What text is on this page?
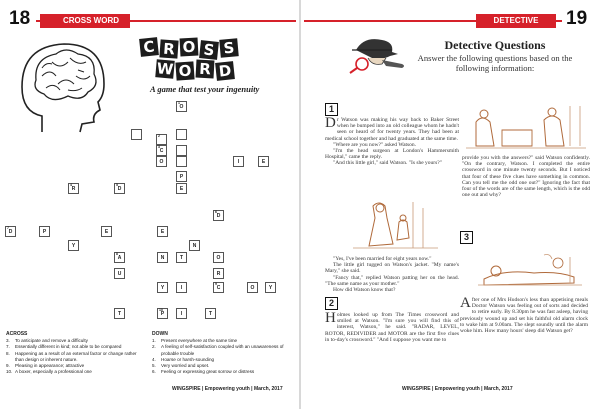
18	CROSS WORD
C R O S S
W O R D
A game that test your ingenuity
1
O
2
3
C
O	I	E
4
R
5
D
P
E
6
D
7
D	P
Y
E	E
N
8
A	N	T	O
U	R
Y	I
9
C	O	Y
T
10
P	I	T
ACROSS
3.	To anticipate and remove a difficulty
7.	Essentially different in kind; not able to be compared
8.	Happening as a result of an external factor or change rather than design or inherent nature.
9.	Pleasing in appearance; attractive
10. A boxer, especially a professional one
DOWN
1.	Present everywhere at the same time
2.	A feeling of self-satisfaction coupled with an unawareness of probable trouble
4.	Hoarse or harsh-sounding
5.	Very worried and upset.
6.	Feeling or expressing great sorrow or distress
WINGSPIRE | Empowering youth | March, 2017
DETECTIVE PUZZLES
19
Detective Questions
Answer the following questions based on the following information:
1

Dr Watson was making his way back to Baker Street when he bumped into an old colleague whom he hadn't seen or heard of for twenty years. They had been at medical school together and had graduated at the same time.

"Where are you now?" asked Watson.

"I'm the head surgeon at London's Hammersmith Hospital," came the reply.

"And this little girl," said Watson. "Is she yours?"

"Yes, I've been married for eight years now."

The little girl tugged on Watson's jacket. "My name's Mary," she said.

"Fancy that," replied Watson patting her on the head. "The same name as your mother."

How did Watson know that?

2

Holmes looked up from The Times crossword and smiled at Watson. "I'm sure you will find this of interest, Watson," he said. "RADAR, LEVEL, ROTOR, REDIVIDER and MOTOR are the first five clues in to-day's crossword." "And I suppose you want me to

provide you with the answers?" said Watson confidently. "On the contrary, Watson. I completed the entire crossword in one minute twenty seconds. But I noticed that four of these five clues have something in common. Can you tell me the odd one out?" Ignoring the fact that four of the words are of the same length, which is the odd one out and why?
3

After one of Mrs Hudson's less than appetising meals Doctor Watson was feeling out of sorts and decided to retire early. By 8.30pm he was fast asleep, having previously wound up and set his faithful old alarm clock to wake him at 9.00am. The slept soundly until the alarm woke him. How many hours' sleep did Watson get?

WINGSPIRE | Empowering youth | March, 2017
